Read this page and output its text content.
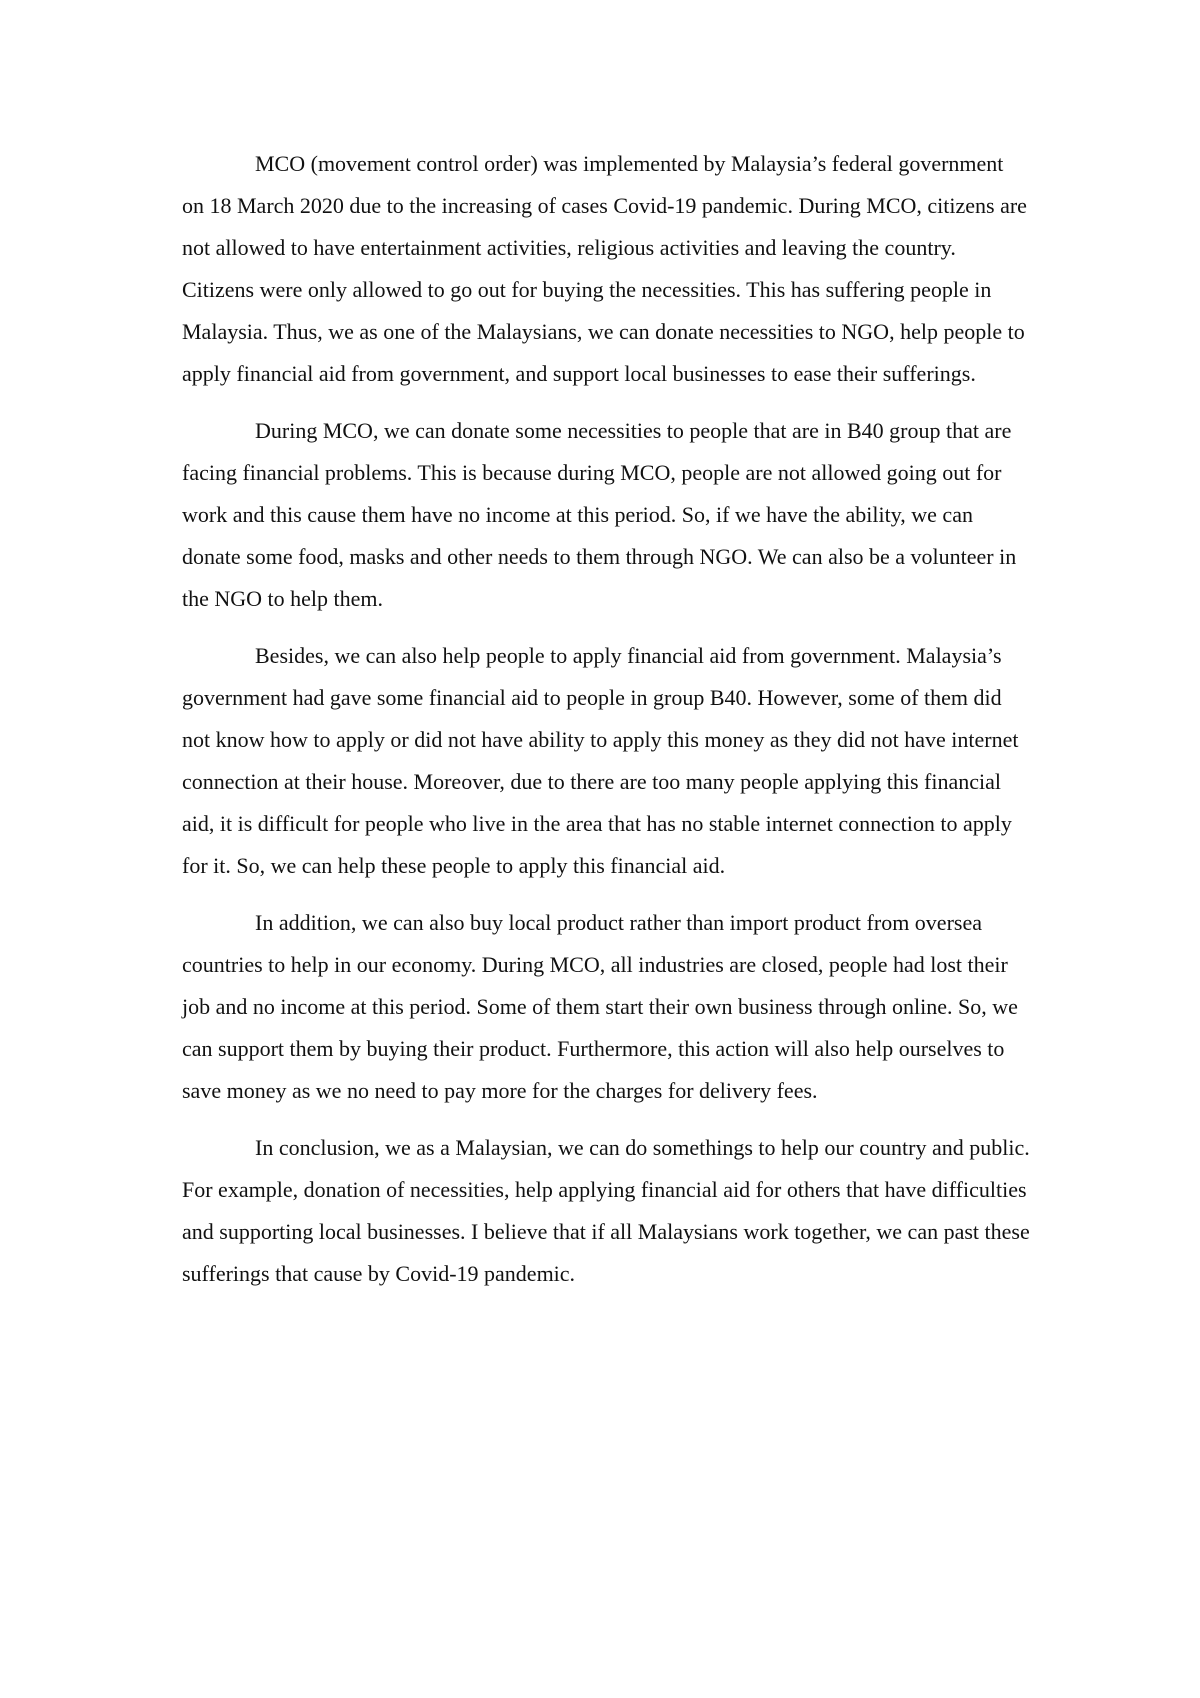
MCO (movement control order) was implemented by Malaysia’s federal government on 18 March 2020 due to the increasing of cases Covid-19 pandemic. During MCO, citizens are not allowed to have entertainment activities, religious activities and leaving the country. Citizens were only allowed to go out for buying the necessities. This has suffering people in Malaysia. Thus, we as one of the Malaysians, we can donate necessities to NGO, help people to apply financial aid from government, and support local businesses to ease their sufferings.

During MCO, we can donate some necessities to people that are in B40 group that are facing financial problems. This is because during MCO, people are not allowed going out for work and this cause them have no income at this period. So, if we have the ability, we can donate some food, masks and other needs to them through NGO. We can also be a volunteer in the NGO to help them.

Besides, we can also help people to apply financial aid from government. Malaysia’s government had gave some financial aid to people in group B40. However, some of them did not know how to apply or did not have ability to apply this money as they did not have internet connection at their house. Moreover, due to there are too many people applying this financial aid, it is difficult for people who live in the area that has no stable internet connection to apply for it. So, we can help these people to apply this financial aid.

In addition, we can also buy local product rather than import product from oversea countries to help in our economy. During MCO, all industries are closed, people had lost their job and no income at this period. Some of them start their own business through online. So, we can support them by buying their product. Furthermore, this action will also help ourselves to save money as we no need to pay more for the charges for delivery fees.

In conclusion, we as a Malaysian, we can do somethings to help our country and public. For example, donation of necessities, help applying financial aid for others that have difficulties and supporting local businesses. I believe that if all Malaysians work together, we can past these sufferings that cause by Covid-19 pandemic.
